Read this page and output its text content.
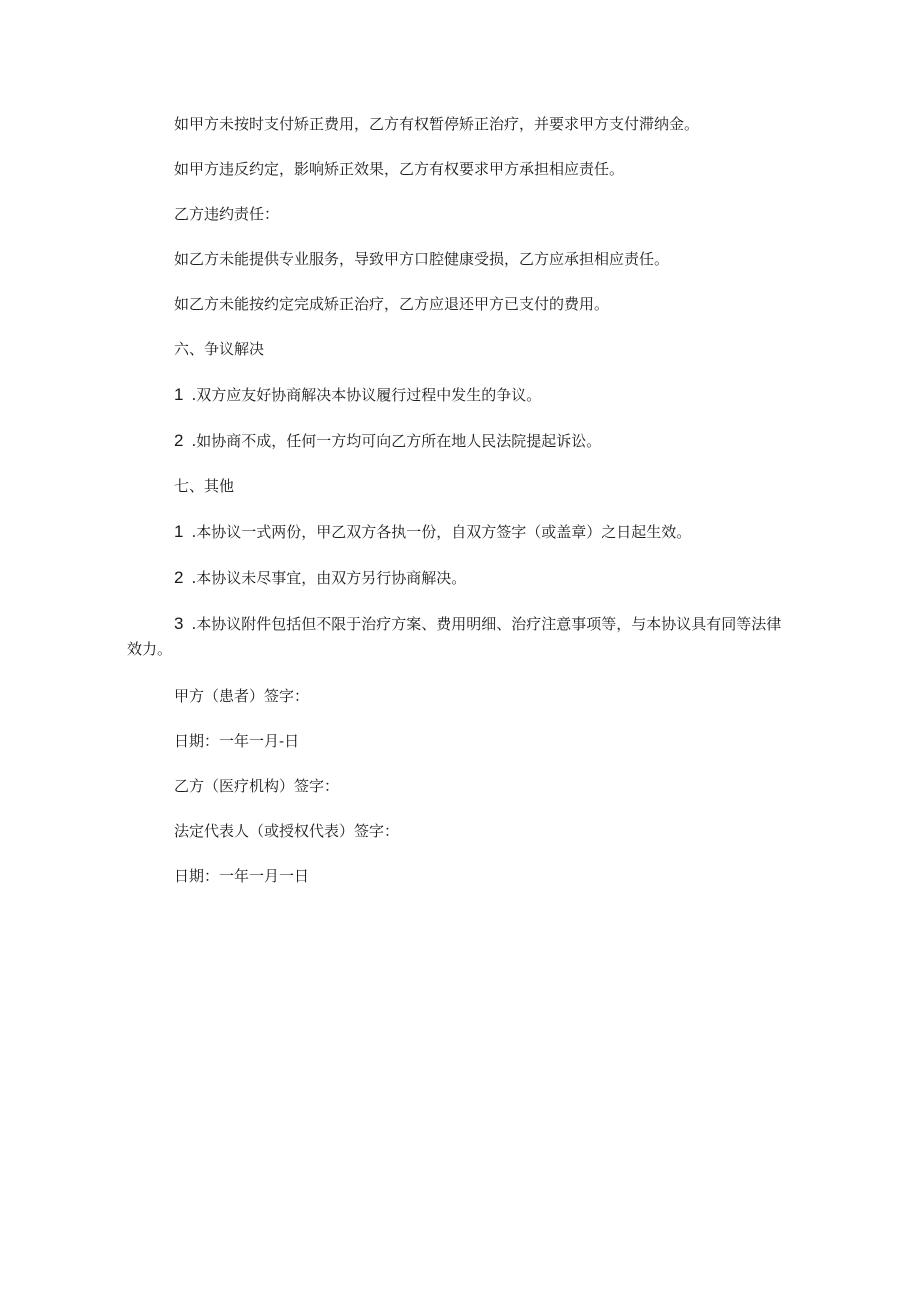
如甲方未按时支付矫正费用，乙方有权暂停矫正治疗，并要求甲方支付滞纳金。

如甲方违反约定，影响矫正效果，乙方有权要求甲方承担相应责任。

乙方违约责任：

如乙方未能提供专业服务，导致甲方口腔健康受损，乙方应承担相应责任。

如乙方未能按约定完成矫正治疗，乙方应退还甲方已支付的费用。

六、争议解决

1 .双方应友好协商解决本协议履行过程中发生的争议。

2 .如协商不成，任何一方均可向乙方所在地人民法院提起诉讼。

七、其他

1 .本协议一式两份，甲乙双方各执一份，自双方签字（或盖章）之日起生效。

2 .本协议未尽事宜，由双方另行协商解决。

3 .本协议附件包括但不限于治疗方案、费用明细、治疗注意事项等，与本协议具有同等法律效力。

甲方（患者）签字：

日期：一年一月-日

乙方（医疗机构）签字：

法定代表人（或授权代表）签字：

日期：一年一月一日
